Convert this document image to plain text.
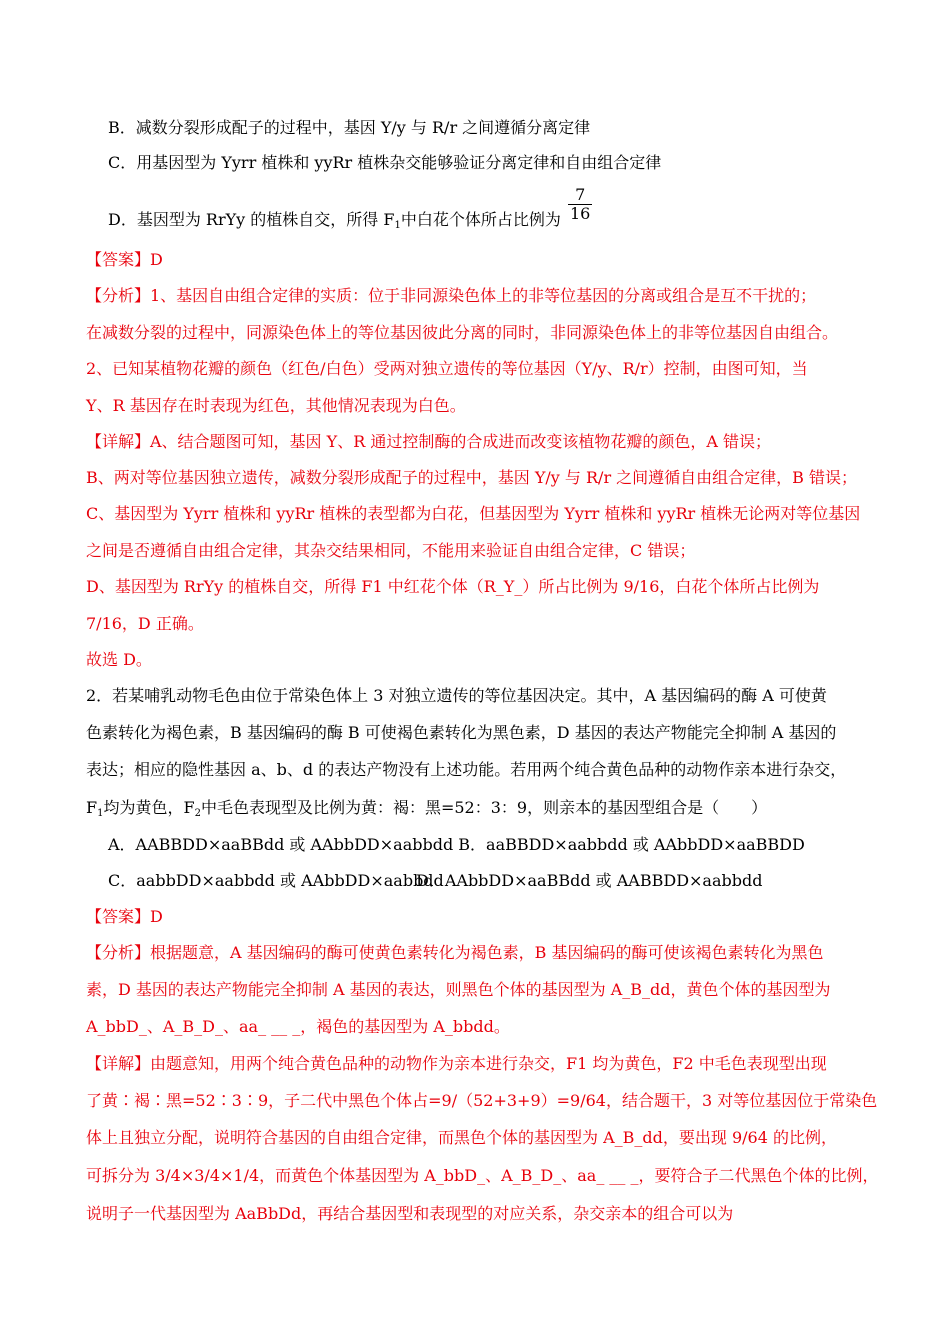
B．减数分裂形成配子的过程中，基因 Y/y 与 R/r 之间遵循分离定律
C．用基因型为 Yyrr 植株和 yyRr 植株杂交能够验证分离定律和自由组合定律
D．基因型为 RrYy 的植株自交，所得 $F_1$中白花个体所占比例为 $\frac{7}{16}$
【答案】D
【分析】1、基因自由组合定律的实质：位于非同源染色体上的非等位基因的分离或组合是互不干扰的；
在减数分裂的过程中，同源染色体上的等位基因彼此分离的同时，非同源染色体上的非等位基因自由组合。
2、已知某植物花瓣的颜色（红色/白色）受两对独立遗传的等位基因（Y/y、R/r）控制，由图可知，当
Y、R 基因存在时表现为红色，其他情况表现为白色。
【详解】A、结合题图可知，基因 Y、R 通过控制酶的合成进而改变该植物花瓣的颜色，A 错误；
B、两对等位基因独立遗传，减数分裂形成配子的过程中，基因 Y/y 与 R/r 之间遵循自由组合定律，B 错误；
C、基因型为 Yyrr 植株和 yyRr 植株的表型都为白花，但基因型为 Yyrr 植株和 yyRr 植株无论两对等位基因
之间是否遵循自由组合定律，其杂交结果相同，不能用来验证自由组合定律，C 错误；
D、基因型为 RrYy 的植株自交，所得 F1 中红花个体（R_Y_）所占比例为 9/16，白花个体所占比例为
7/16，D 正确。
故选 D。
2．若某哺乳动物毛色由位于常染色体上 3 对独立遗传的等位基因决定。其中，A 基因编码的酶 A 可使黄
色素转化为褐色素，B 基因编码的酶 B 可使褐色素转化为黑色素，D 基因的表达产物能完全抑制 A 基因的
表达；相应的隐性基因 a、b、d 的表达产物没有上述功能。若用两个纯合黄色品种的动物作亲本进行杂交，
$F_1$均为黄色，$F_2$中毛色表现型及比例为黄：褐：黑=52：3：9，则亲本的基因型组合是（　　）
A．AABBDD×aaBBdd 或 AAbbDD×aabbdd B．aaBBDD×aabbdd 或 AAbbDD×aaBBDD
C．aabbDD×aabbdd 或 AAbbDD×aabbdd
D．AAbbDD×aaBBdd 或 AABBDD×aabbdd
【答案】D
【分析】根据题意，A 基因编码的酶可使黄色素转化为褐色素，B 基因编码的酶可使该褐色素转化为黑色
素，D 基因的表达产物能完全抑制 A 基因的表达，则黑色个体的基因型为 A_B_dd，黄色个体的基因型为
A_bbD_、A_B_D_、aa_ __ _，褐色的基因型为 A_bbdd。
【详解】由题意知，用两个纯合黄色品种的动物作为亲本进行杂交，F1 均为黄色，F2 中毛色表现型出现
了黄∶褐∶黑=52∶3∶9，子二代中黑色个体占=9/（52+3+9）=9/64，结合题干，3 对等位基因位于常染色
体上且独立分配，说明符合基因的自由组合定律，而黑色个体的基因型为 A_B_dd，要出现 9/64 的比例，
可拆分为 3/4×3/4×1/4，而黄色个体基因型为 A_bbD_、A_B_D_、aa_ __ _，要符合子二代黑色个体的比例，
说明子一代基因型为 AaBbDd，再结合基因型和表现型的对应关系，杂交亲本的组合可以为
